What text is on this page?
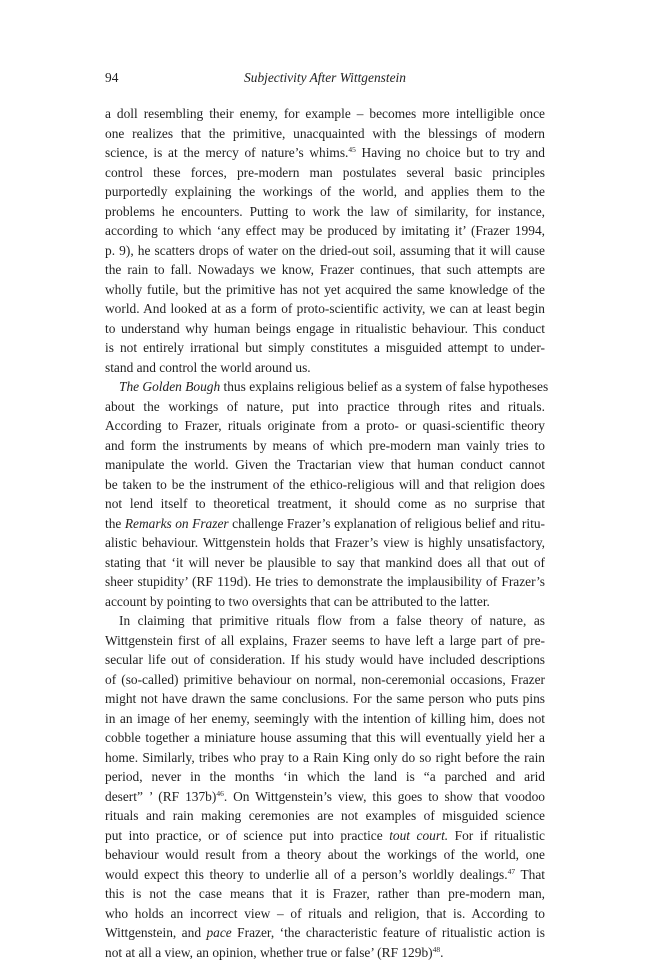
94	Subjectivity After Wittgenstein
a doll resembling their enemy, for example – becomes more intelligible once
one realizes that the primitive, unacquainted with the blessings of modern
science, is at the mercy of nature’s whims.$^{45}$ Having no choice but to try and
control these forces, pre-modern man postulates several basic principles
purportedly explaining the workings of the world, and applies them to the
problems he encounters. Putting to work the law of similarity, for instance,
according to which ‘any effect may be produced by imitating it’ (Frazer 1994,
p. 9), he scatters drops of water on the dried-out soil, assuming that it will cause
the rain to fall. Nowadays we know, Frazer continues, that such attempts are
wholly futile, but the primitive has not yet acquired the same knowledge of the
world. And looked at as a form of proto-scientific activity, we can at least begin
to understand why human beings engage in ritualistic behaviour. This conduct
is not entirely irrational but simply constitutes a misguided attempt to under-
stand and control the world around us.
The Golden Bough thus explains religious belief as a system of false hypotheses
about the workings of nature, put into practice through rites and rituals.
According to Frazer, rituals originate from a proto- or quasi-scientific theory
and form the instruments by means of which pre-modern man vainly tries to
manipulate the world. Given the Tractarian view that human conduct cannot
be taken to be the instrument of the ethico-religious will and that religion does
not lend itself to theoretical treatment, it should come as no surprise that
the Remarks on Frazer challenge Frazer’s explanation of religious belief and ritu-
alistic behaviour. Wittgenstein holds that Frazer’s view is highly unsatisfactory,
stating that ‘it will never be plausible to say that mankind does all that out of
sheer stupidity’ (RF 119d). He tries to demonstrate the implausibility of Frazer’s
account by pointing to two oversights that can be attributed to the latter.
In claiming that primitive rituals flow from a false theory of nature, as
Wittgenstein first of all explains, Frazer seems to have left a large part of pre-
secular life out of consideration. If his study would have included descriptions
of (so-called) primitive behaviour on normal, non-ceremonial occasions, Frazer
might not have drawn the same conclusions. For the same person who puts pins
in an image of her enemy, seemingly with the intention of killing him, does not
cobble together a miniature house assuming that this will eventually yield her a
home. Similarly, tribes who pray to a Rain King only do so right before the rain
period, never in the months ‘in which the land is “a parched and arid
desert” ’ (RF 137b)$^{46}$. On Wittgenstein’s view, this goes to show that voodoo
rituals and rain making ceremonies are not examples of misguided science
put into practice, or of science put into practice tout court. For if ritualistic
behaviour would result from a theory about the workings of the world, one
would expect this theory to underlie all of a person’s worldly dealings.$^{47}$ That
this is not the case means that it is Frazer, rather than pre-modern man,
who holds an incorrect view – of rituals and religion, that is. According to
Wittgenstein, and pace Frazer, ‘the characteristic feature of ritualistic action is
not at all a view, an opinion, whether true or false’ (RF 129b)$^{48}$.
